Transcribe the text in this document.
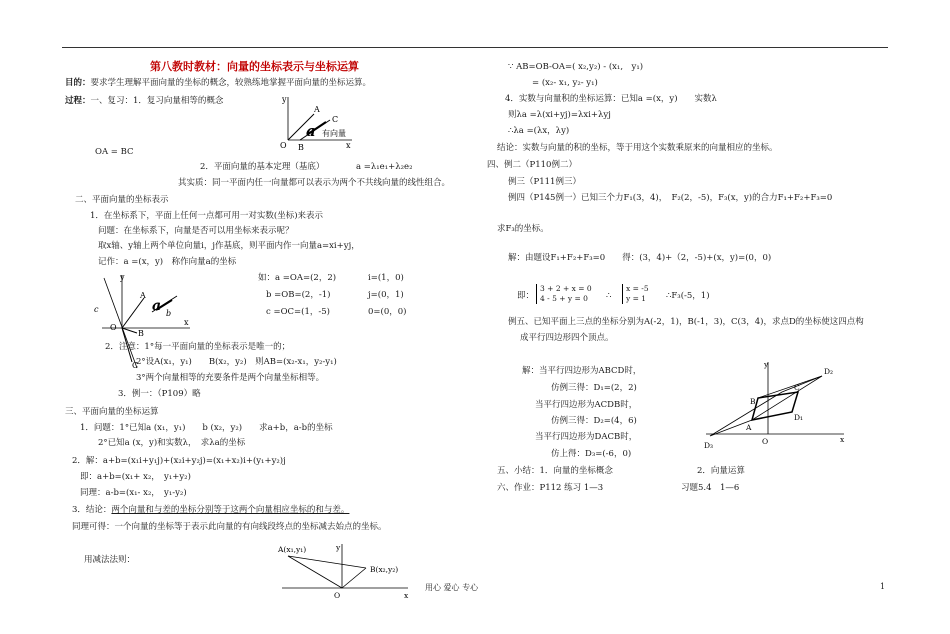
第八教时教材：向量的坐标表示与坐标运算
目的：要求学生理解平面向量的坐标的概念，较熟练地掌握平面向量的坐标运算。
过程：一、复习：1．复习向量相等的概念	y
x
A
C
O B
a 有向量
OA = BC
2．平面向量的基本定理（基底）	a =λ₁e₁+λ₂e₂
其实质：同一平面内任一向量都可以表示为两个不共线向量的线性组合。
二、平面向量的坐标表示
1．在坐标系下，平面上任何一点都可用一对实数(坐标)来表示
问题：在坐标系下，向量是否可以用坐标来表示呢？
取x轴、y轴上两个单位向量i，j作基底，则平面内作一向量a=xi+yj，
记作：a =(x，y)　称作向量a的坐标
y
x
A
B
C
O
a b
c
如：a =OA=(2，2)
b =OB=(2，-1)
c =OC=(1，-5)
i=(1，0)
j=(0，1)
0=(0，0)
2．注意：1°每一平面向量的坐标表示是唯一的；
2°设A(x₁，y₁)　　B(x₂，y₂)　则AB=(x₂-x₁，y₂-y₁)
3°两个向量相等的充要条件是两个向量坐标相等。
3．例一：（P109）略
三、平面向量的坐标运算
1．问题：1°已知a (x₁，y₁)　　b (x₂，y₂)　　求a+b，a-b的坐标
2°已知a (x，y)和实数λ，　求λa的坐标
2．解：a+b=(x₁i+y₁j)+(x₂i+y₂j)=(x₁+x₂)i+(y₁+y₂)j
即：a+b=(x₁+ x₂，　y₁+y₂)
同理：a-b=(x₁- x₂，　y₁-y₂)
3．结论：两个向量和与差的坐标分别等于这两个向量相应坐标的和与差。
同理可得：一个向量的坐标等于表示此向量的有向线段终点的坐标减去始点的坐标。
用减法法则：
A(x₁,y₁)
B(x₂,y₂)
y
x
O
∵ AB=OB-OA=( x₂,y₂) - (x₁,　y₁)
= (x₂- x₁, y₂- y₁)
4．实数与向量积的坐标运算：已知a =(x，y)　　实数λ
则λa =λ(xi+yj)=λxi+λyj
∴λa =(λx，λy)
结论：实数与向量的积的坐标，等于用这个实数乘原来的向量相应的坐标。
四、例二（P110例二）
例三（P111例三）
例四（P145例一）已知三个力F₁(3，4)，　F₂(2，-5)，F₃(x，y)的合力F₁+F₂+F₃=0
求F₃的坐标。
解：由题设F₁+F₂+F₃=0　　得：(3，4)+（2，-5)+(x，y)=(0，0)
即：
3 + 2 + x = 0
4 - 5 + y = 0	∴
x = -5
y = 1 ∴F₃(-5，1)
例五、已知平面上三点的坐标分别为A(-2，1)，B(-1，3)，C(3，4)，求点D的坐标使这四点构
成平行四边形四个顶点。
解：当平行四边形为ABCD时，
仿例三得：D₁=(2，2)
当平行四边形为ACDB时，
仿例三得：D₂=(4，6)
当平行四边形为DACB时，
仿上得：D₃=(-6，0)
y
x
O
A
B
C
D₁
D₂
D₃
五、小结：1．向量的坐标概念	2．向量运算
六、作业：P112 练习 1—3	习题5.4　1—6
用心 爱心 专心	1
